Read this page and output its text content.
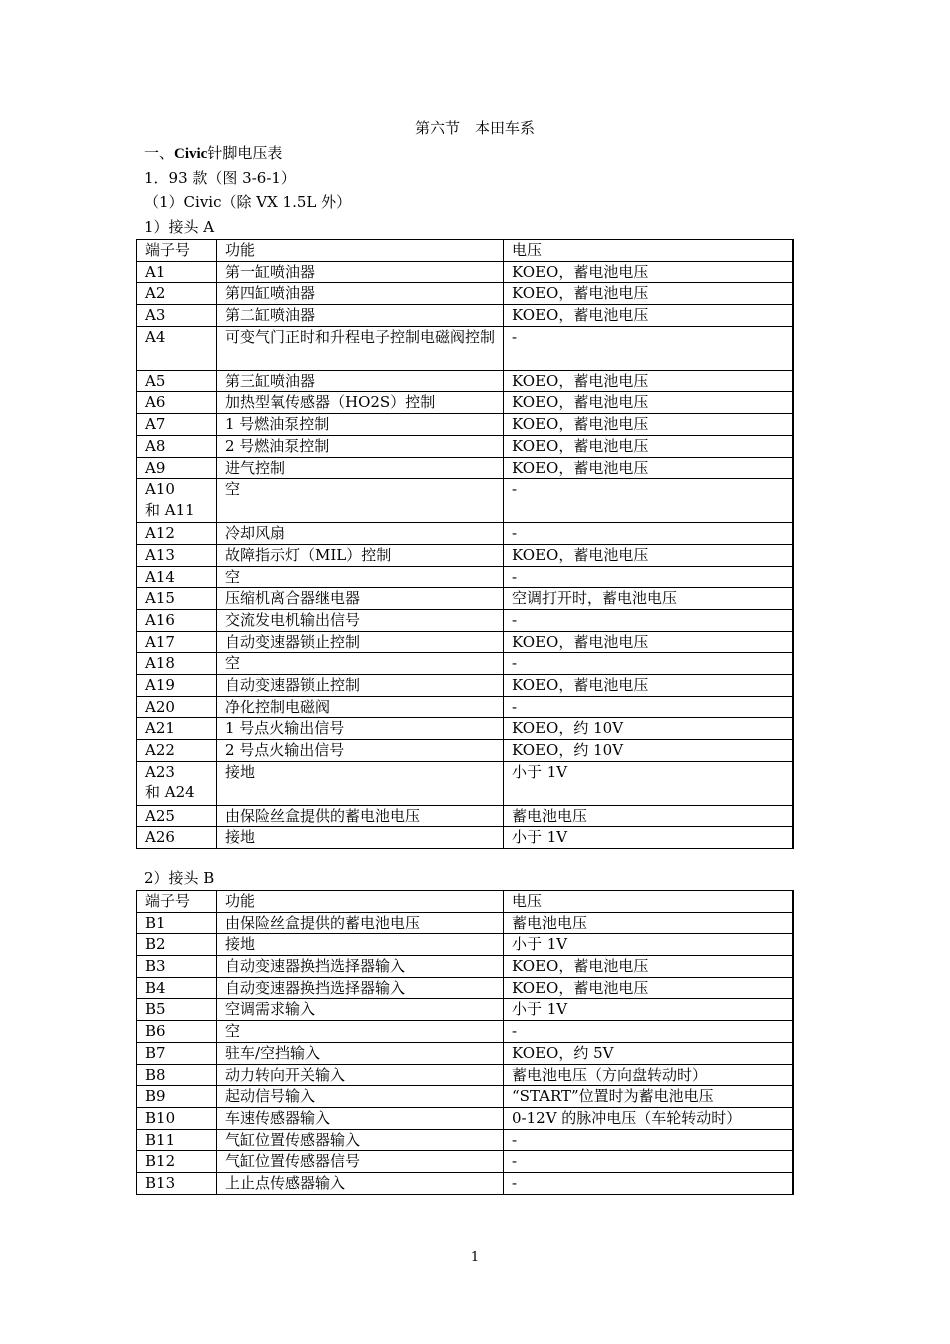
第六节　本田车系
一、Civic针脚电压表
1．93 款（图 3-6-1）
（1）Civic（除 VX 1.5L 外）
1）接头 A
端子号	功能	电压
A1	第一缸喷油器	KOEO，蓄电池电压
A2	第四缸喷油器	KOEO，蓄电池电压
A3	第二缸喷油器	KOEO，蓄电池电压
A4	可变气门正时和升程电子控制电磁阀控制	-
A5	第三缸喷油器	KOEO，蓄电池电压
A6	加热型氧传感器（HO2S）控制	KOEO，蓄电池电压
A7	1 号燃油泵控制	KOEO，蓄电池电压
A8	2 号燃油泵控制	KOEO，蓄电池电压
A9	进气控制	KOEO，蓄电池电压
A10　　和 A11	空	-
A12	冷却风扇	-
A13	故障指示灯（MIL）控制	KOEO，蓄电池电压
A14	空	-
A15	压缩机离合器继电器	空调打开时，蓄电池电压
A16	交流发电机输出信号	-
A17	自动变速器锁止控制	KOEO，蓄电池电压
A18	空	-
A19	自动变速器锁止控制	KOEO，蓄电池电压
A20	净化控制电磁阀	-
A21	1 号点火输出信号	KOEO，约 10V
A22	2 号点火输出信号	KOEO，约 10V
A23　　和 A24	接地	小于 1V
A25	由保险丝盒提供的蓄电池电压	蓄电池电压
A26	接地	小于 1V
2）接头 B
端子号	功能	电压
B1	由保险丝盒提供的蓄电池电压	蓄电池电压
B2	接地	小于 1V
B3	自动变速器换挡选择器输入	KOEO，蓄电池电压
B4	自动变速器换挡选择器输入	KOEO，蓄电池电压
B5	空调需求输入	小于 1V
B6	空	-
B7	驻车/空挡输入	KOEO，约 5V
B8	动力转向开关输入	蓄电池电压（方向盘转动时）
B9	起动信号输入	“START”位置时为蓄电池电压
B10	车速传感器输入	0-12V 的脉冲电压（车轮转动时）
B11	气缸位置传感器输入	-
B12	气缸位置传感器信号	-
B13	上止点传感器输入	-
1
